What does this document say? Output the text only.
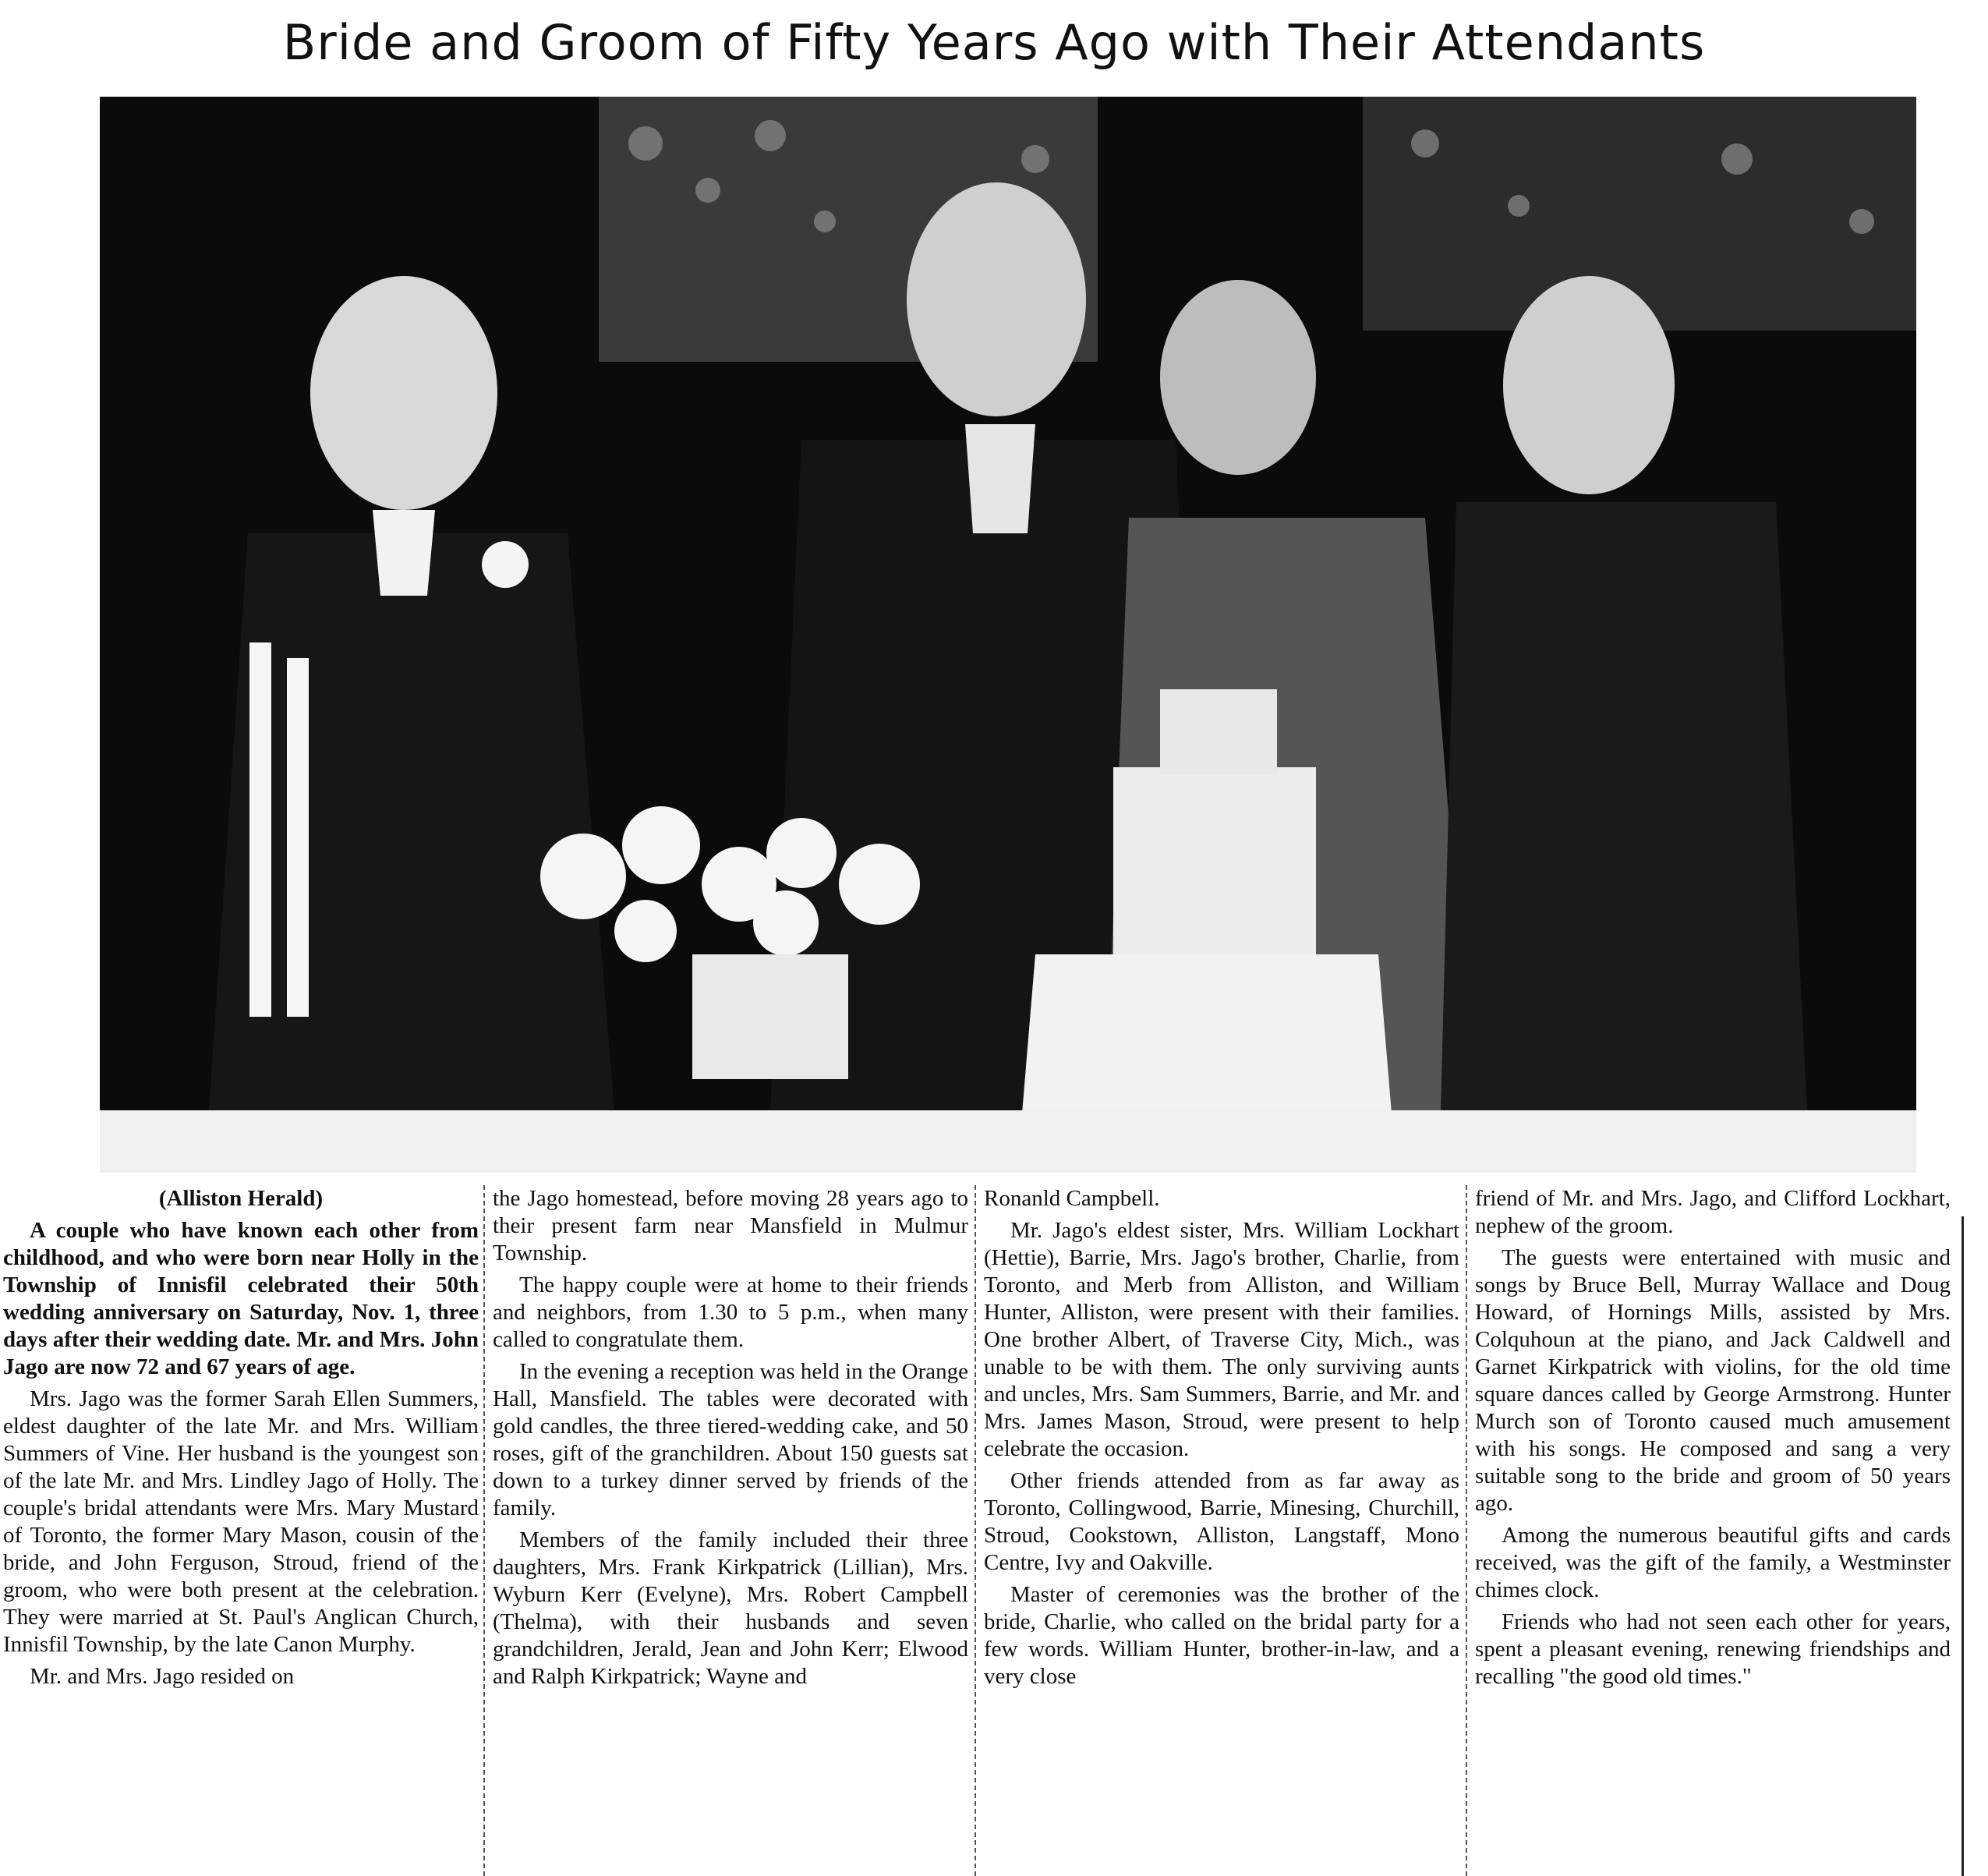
Bride and Groom of Fifty Years Ago with Their Attendants

(Alliston Herald)

A couple who have known each other from childhood, and who were born near Holly in the Township of Innisfil celebrated their 50th wedding anniversary on Saturday, Nov. 1, three days after their wedding date. Mr. and Mrs. John Jago are now 72 and 67 years of age.

Mrs. Jago was the former Sarah Ellen Summers, eldest daughter of the late Mr. and Mrs. William Summers of Vine. Her husband is the youngest son of the late Mr. and Mrs. Lindley Jago of Holly. The couple's bridal attendants were Mrs. Mary Mustard of Toronto, the former Mary Mason, cousin of the bride, and John Ferguson, Stroud, friend of the groom, who were both present at the celebration. They were married at St. Paul's Anglican Church, Innisfil Township, by the late Canon Murphy.

Mr. and Mrs. Jago resided on

the Jago homestead, before moving 28 years ago to their present farm near Mansfield in Mulmur Township.

The happy couple were at home to their friends and neighbors, from 1.30 to 5 p.m., when many called to congratulate them.

In the evening a reception was held in the Orange Hall, Mansfield. The tables were decorated with gold candles, the three tiered-wedding cake, and 50 roses, gift of the granchildren. About 150 guests sat down to a turkey dinner served by friends of the family.

Members of the family included their three daughters, Mrs. Frank Kirkpatrick (Lillian), Mrs. Wyburn Kerr (Evelyne), Mrs. Robert Campbell (Thelma), with their husbands and seven grandchildren, Jerald, Jean and John Kerr; Elwood and Ralph Kirkpatrick; Wayne and

Ronanld Campbell.

Mr. Jago's eldest sister, Mrs. William Lockhart (Hettie), Barrie, Mrs. Jago's brother, Charlie, from Toronto, and Merb from Alliston, and William Hunter, Alliston, were present with their families. One brother Albert, of Traverse City, Mich., was unable to be with them. The only surviving aunts and uncles, Mrs. Sam Summers, Barrie, and Mr. and Mrs. James Mason, Stroud, were present to help celebrate the occasion.

Other friends attended from as far away as Toronto, Collingwood, Barrie, Minesing, Churchill, Stroud, Cookstown, Alliston, Langstaff, Mono Centre, Ivy and Oakville.

Master of ceremonies was the brother of the bride, Charlie, who called on the bridal party for a few words. William Hunter, brother-in-law, and a very close

friend of Mr. and Mrs. Jago, and Clifford Lockhart, nephew of the groom.

The guests were entertained with music and songs by Bruce Bell, Murray Wallace and Doug Howard, of Hornings Mills, assisted by Mrs. Colquhoun at the piano, and Jack Caldwell and Garnet Kirkpatrick with violins, for the old time square dances called by George Armstrong. Hunter Murch son of Toronto caused much amusement with his songs. He composed and sang a very suitable song to the bride and groom of 50 years ago.

Among the numerous beautiful gifts and cards received, was the gift of the family, a Westminster chimes clock.

Friends who had not seen each other for years, spent a pleasant evening, renewing friendships and recalling "the good old times."
